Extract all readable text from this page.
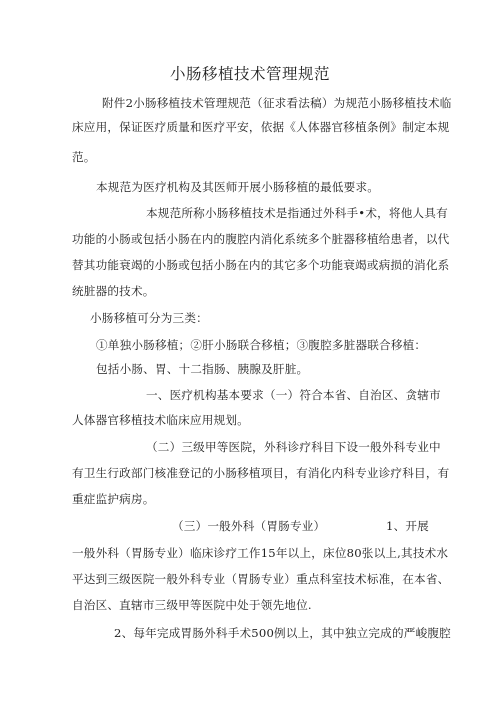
小肠移植技术管理规范
附件2小肠移植技术管理规范（征求看法稿）为规范小肠移植技术临
床应用，保证医疗质量和医疗平安，依据《人体器官移植条例》制定本规
范。
本规范为医疗机构及其医师开展小肠移植的最低要求。
本规范所称小肠移植技术是指通过外科手•术，将他人具有
功能的小肠或包括小肠在内的腹腔内消化系统多个脏器移植给患者，以代
替其功能衰竭的小肠或包括小肠在内的其它多个功能衰竭或病损的消化系
统脏器的技术。
小肠移植可分为三类：
①单独小肠移植；②肝小肠联合移植；③腹腔多脏器联合移植：
包括小肠、胃、十二指肠、胰腺及肝脏。
一、医疗机构基本要求（一）符合本省、自治区、贪辖市
人体器官移植技术临床应用规划。
（二）三级甲等医院，外科诊疗科目下设一般外科专业中
有卫生行政部门核准登记的小肠移植项目，有消化内科专业诊疗科目，有
重症监护病房。
（三）一般外科（胃肠专业）	1、开展
一般外科（胃肠专业）临床诊疗工作15年以上，床位80张以上,其技术水
平达到三级医院一般外科专业（胃肠专业）重点科室技术标准，在本省、
自治区、直辖市三级甲等医院中处于领先地位.
2、每年完成胃肠外科手术500例以上，其中独立完成的严峻腹腔
